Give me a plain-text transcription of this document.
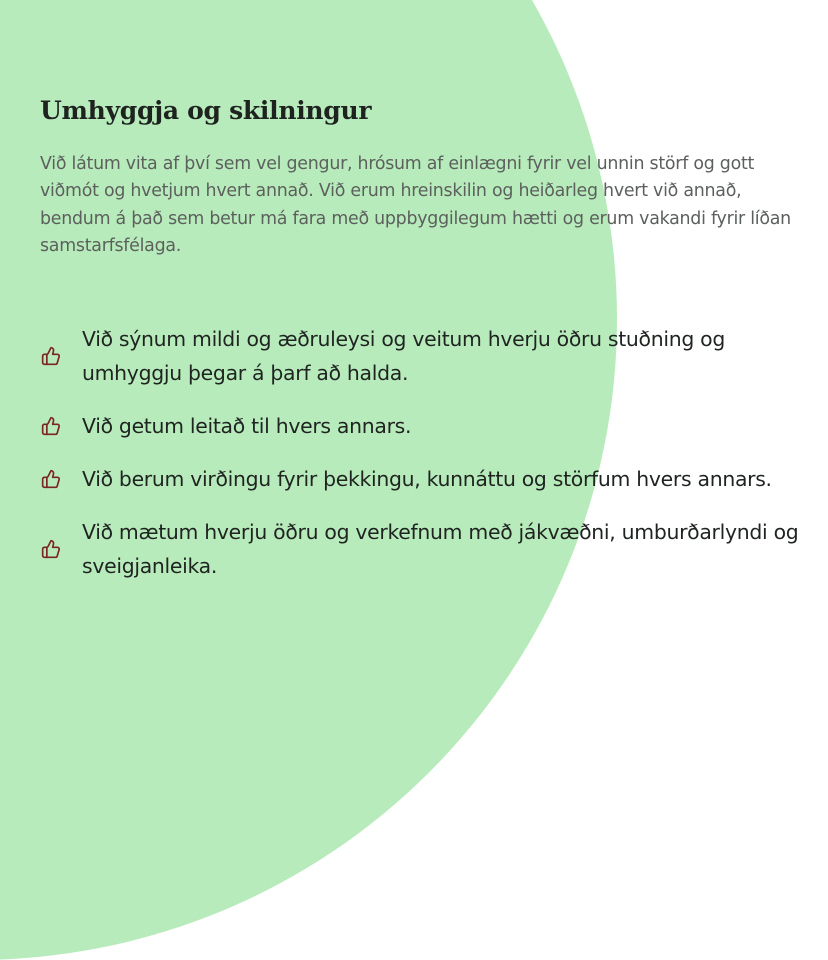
Umhyggja og skilningur

Við látum vita af því sem vel gengur, hrósum af einlægni fyrir vel unnin störf og gott viðmót og hvetjum hvert annað. Við erum hreinskilin og heiðarleg hvert við annað, bendum á það sem betur má fara með uppbyggilegum hætti og erum vakandi fyrir líðan samstarfsfélaga.

Við sýnum mildi og æðruleysi og veitum hverju öðru stuðning og umhyggju þegar á þarf að halda.
Við getum leitað til hvers annars.
Við berum virðingu fyrir þekkingu, kunnáttu og störfum hvers annars.
Við mætum hverju öðru og verkefnum með jákvæðni, umburðarlyndi og sveigjanleika.
